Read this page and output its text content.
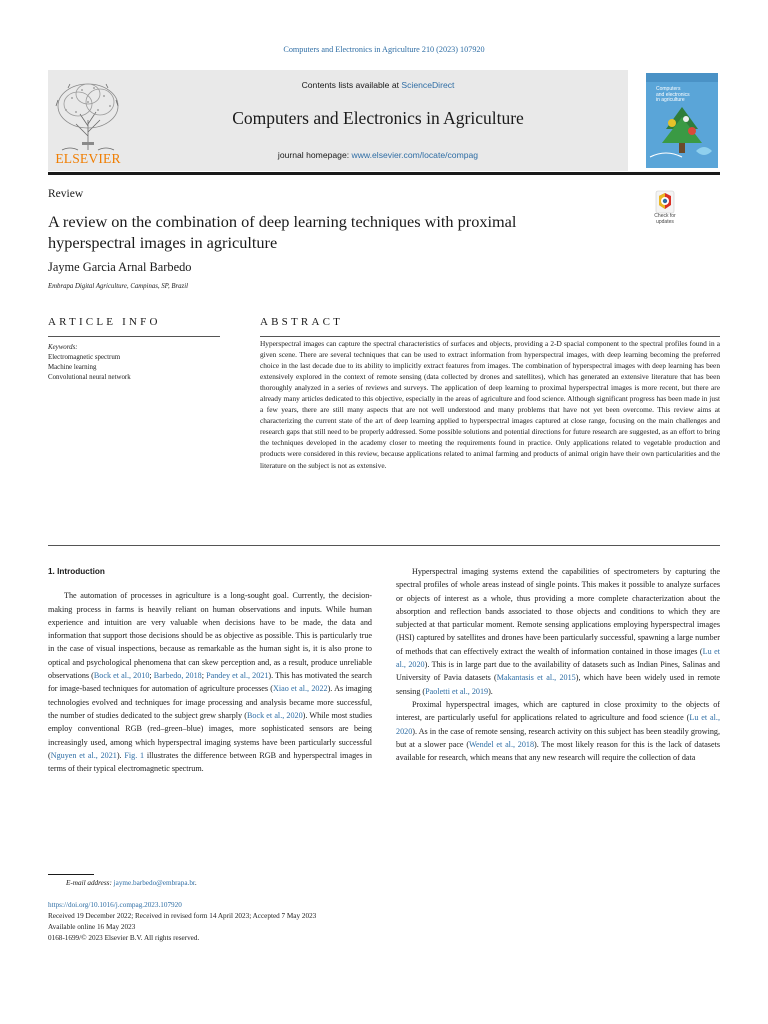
Computers and Electronics in Agriculture 210 (2023) 107920
ELSEVIER
Contents lists available at ScienceDirect
Computers and Electronics in Agriculture
journal homepage: www.elsevier.com/locate/compag
Computers
and electronics
in agriculture
Review
A review on the combination of deep learning techniques with proximal
hyperspectral images in agriculture
Check for
updates
Jayme Garcia Arnal Barbedo
Embrapa Digital Agriculture, Campinas, SP, Brazil
ARTICLE INFO	ABSTRACT
Keywords:
Electromagnetic spectrum
Machine learning
Convolutional neural network
Hyperspectral images can capture the spectral characteristics of surfaces and objects, providing a 2-D spacial component to the spectral profiles found in a given scene. There are several techniques that can be used to extract information from hyperspectral images, with deep learning becoming the preferred choice in the last decade due to its ability to implicitly extract features from images. The combination of hyperspectral images with deep learning has been extensively explored in the context of remote sensing (data collected by drones and satellites), which has generated an extensive literature that has been thoroughly analyzed in a series of reviews and surveys. The application of deep learning to proximal hyperspectral images is more recent, but there are already many articles dedicated to this objective, especially in the areas of agriculture and food science. Although significant progress has been made in just a few years, there are still many aspects that are not well understood and many problems that have not yet been overcome. This review aims at characterizing the current state of the art of deep learning applied to hyperspectral images captured at close range, focusing on the main challenges and research gaps that still need to be properly addressed. Some possible solutions and potential directions for future research are suggested, as an effort to bring the techniques developed in the academy closer to meeting the requirements found in practice. Only applications related to vegetable production and products were considered in this review, because applications related to animal farming and products of animal origin have their own particularities and the literature on the subject is not as extensive.
1. Introduction

The automation of processes in agriculture is a long-sought goal. Currently, the decision-making process in farms is heavily reliant on human observations and inputs. While human experience and intuition are very valuable when decisions have to be made, the data and information that support those decisions should be as objective as possible. This is particularly true in the case of visual inspections, because as remarkable as the human sight is, it is also prone to optical and psychological phenomena that can skew perception and, as a result, produce unreliable observations (Bock et al., 2010; Barbedo, 2018; Pandey et al., 2021). This has motivated the search for image-based techniques for automation of agriculture processes (Xiao et al., 2022). As imaging technologies evolved and techniques for image processing and analysis became more successful, the number of studies dedicated to the subject grew sharply (Bock et al., 2020). While most studies employ conventional RGB (red–green–blue) images, more sophisticated sensors are being increasingly used, among which hyperspectral imaging systems have been particularly successful (Nguyen et al., 2021). Fig. 1 illustrates the difference between RGB and hyperspectral images in terms of their typical electromagnetic spectrum.

Hyperspectral imaging systems extend the capabilities of spectrometers by capturing the spectral profiles of whole areas instead of single points. This makes it possible to analyze surfaces or objects of interest as a whole, thus providing a more complete characterization about the absorption and reflection bands associated to those objects and conditions to which they are subjected at that particular moment. Remote sensing applications employing hyperspectral images (HSI) captured by satellites and drones have been particularly successful, spawning a large number of methods that can effectively extract the wealth of information contained in those images (Lu et al., 2020). This is in large part due to the availability of datasets such as Indian Pines, Salinas and University of Pavia datasets (Makantasis et al., 2015), which have been widely used in remote sensing (Paoletti et al., 2019).

Proximal hyperspectral images, which are captured in close proximity to the objects of interest, are particularly useful for applications related to agriculture and food science (Lu et al., 2020). As in the case of remote sensing, research activity on this subject has been steadily growing, but at a slower pace (Wendel et al., 2018). The most likely reason for this is the lack of datasets available for research, which means that any new research will require the collection of data

E-mail address: jayme.barbedo@embrapa.br.
https://doi.org/10.1016/j.compag.2023.107920
Received 19 December 2022; Received in revised form 14 April 2023; Accepted 7 May 2023
Available online 16 May 2023
0168-1699/© 2023 Elsevier B.V. All rights reserved.
